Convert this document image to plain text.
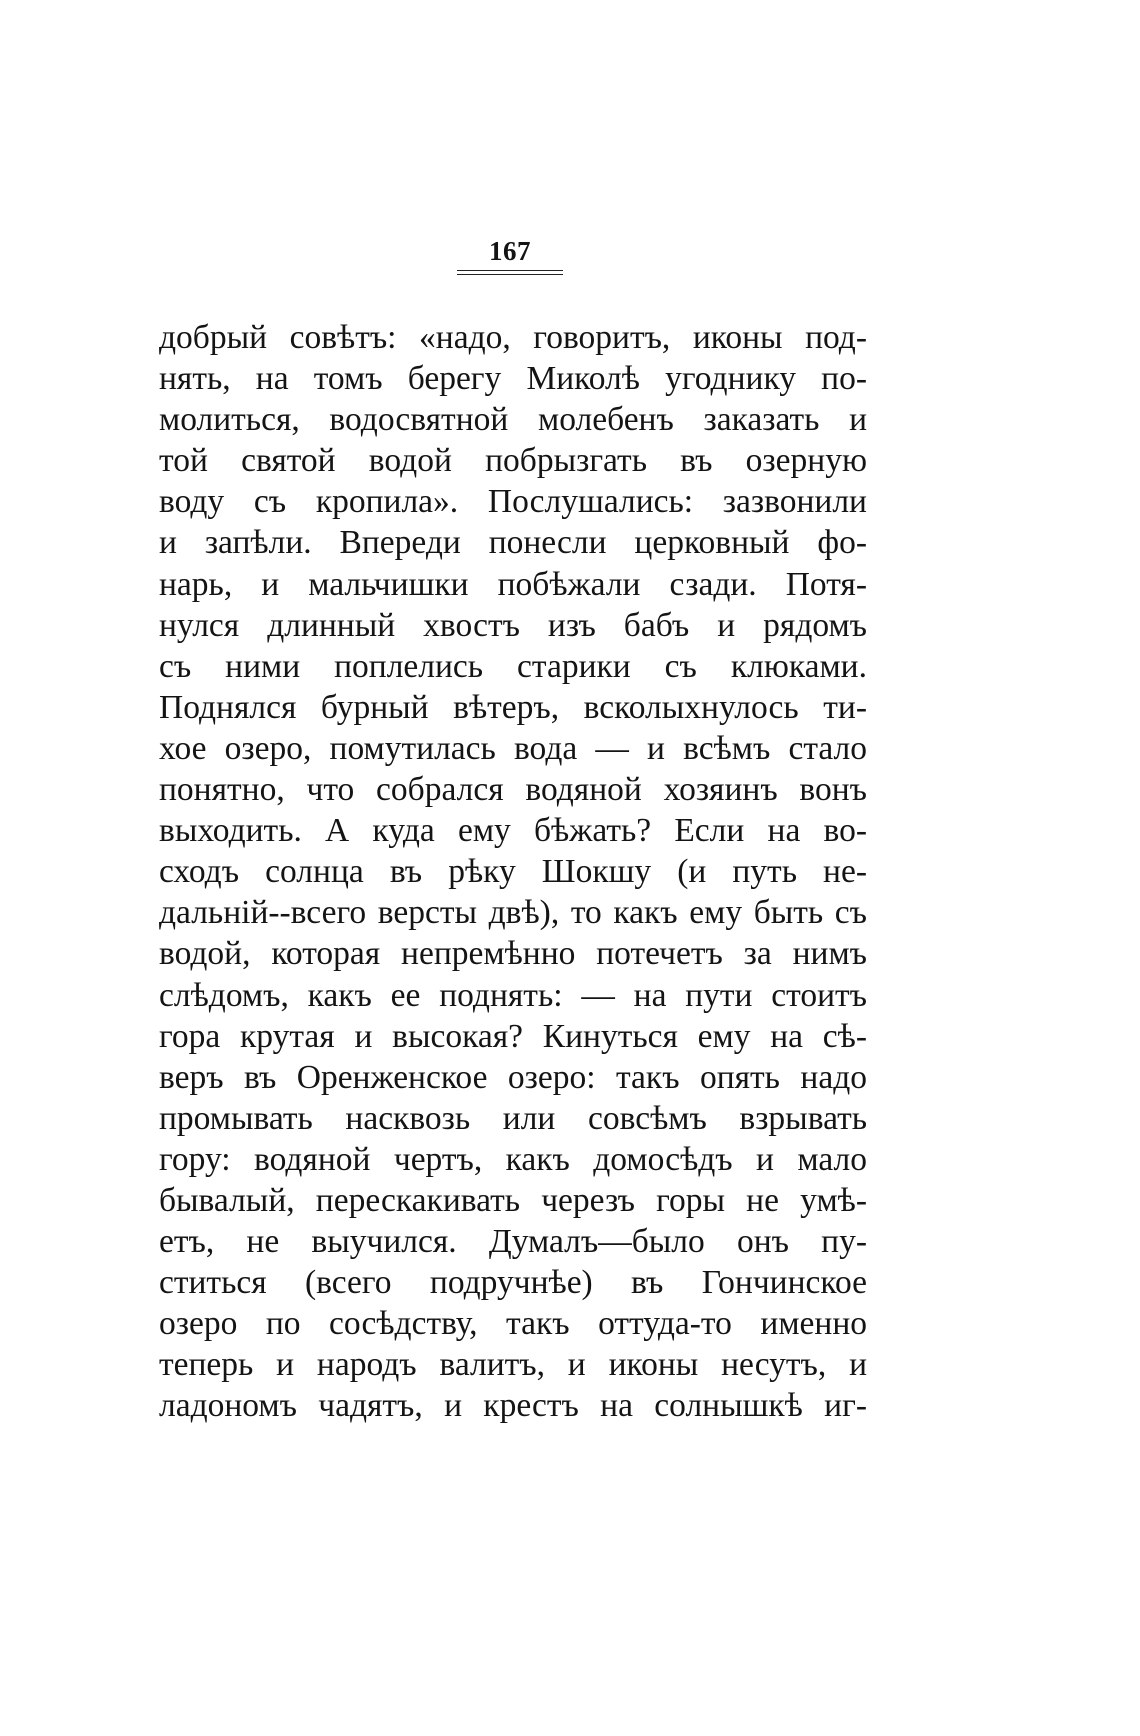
167
добрый совѣтъ: «надо, говоритъ, иконы под-
нять, на томъ берегу Миколѣ угоднику по-
молиться, водосвятной молебенъ заказать и
той святой водой побрызгать въ озерную
воду съ кропила». Послушались: зазвонили
и запѣли. Впереди понесли церковный фо-
нарь, и мальчишки побѣжали сзади. Потя-
нулся длинный хвостъ изъ бабъ и рядомъ
съ ними поплелись старики съ клюками.
Поднялся бурный вѣтеръ, всколыхнулось ти-
хое озеро, помутилась вода — и всѣмъ стало
понятно, что собрался водяной хозяинъ вонъ
выходить. А куда ему бѣжать? Если на во-
сходъ солнца въ рѣку Шокшу (и путь не-
дальній--всего версты двѣ), то какъ ему быть съ
водой, которая непремѣнно потечетъ за нимъ
слѣдомъ, какъ ее поднять: — на пути стоитъ
гора крутая и высокая? Кинуться ему на сѣ-
веръ въ Оренженское озеро: такъ опять надо
промывать насквозь или совсѣмъ взрывать
гору: водяной чертъ, какъ домосѣдъ и мало
бывалый, перескакивать черезъ горы не умѣ-
етъ, не выучился. Думалъ—было онъ пу-
ститься (всего подручнѣе) въ Гончинское
озеро по сосѣдству, такъ оттуда-то именно
теперь и народъ валитъ, и иконы несутъ, и
ладономъ чадятъ, и крестъ на солнышкѣ иг-
